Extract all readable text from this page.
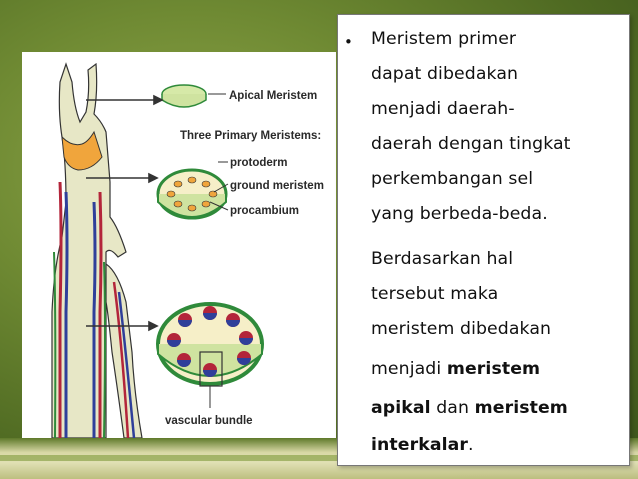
Apical Meristem
Three Primary Meristems:
protoderm
ground meristem
procambium
vascular bundle
• Meristem primer
dapat dibedakan
menjadi daerah-
daerah dengan tingkat
perkembangan sel
yang berbeda-beda.
Berdasarkan hal
tersebut maka
meristem dibedakan
menjadi meristem
apikal dan meristem
interkalar.
